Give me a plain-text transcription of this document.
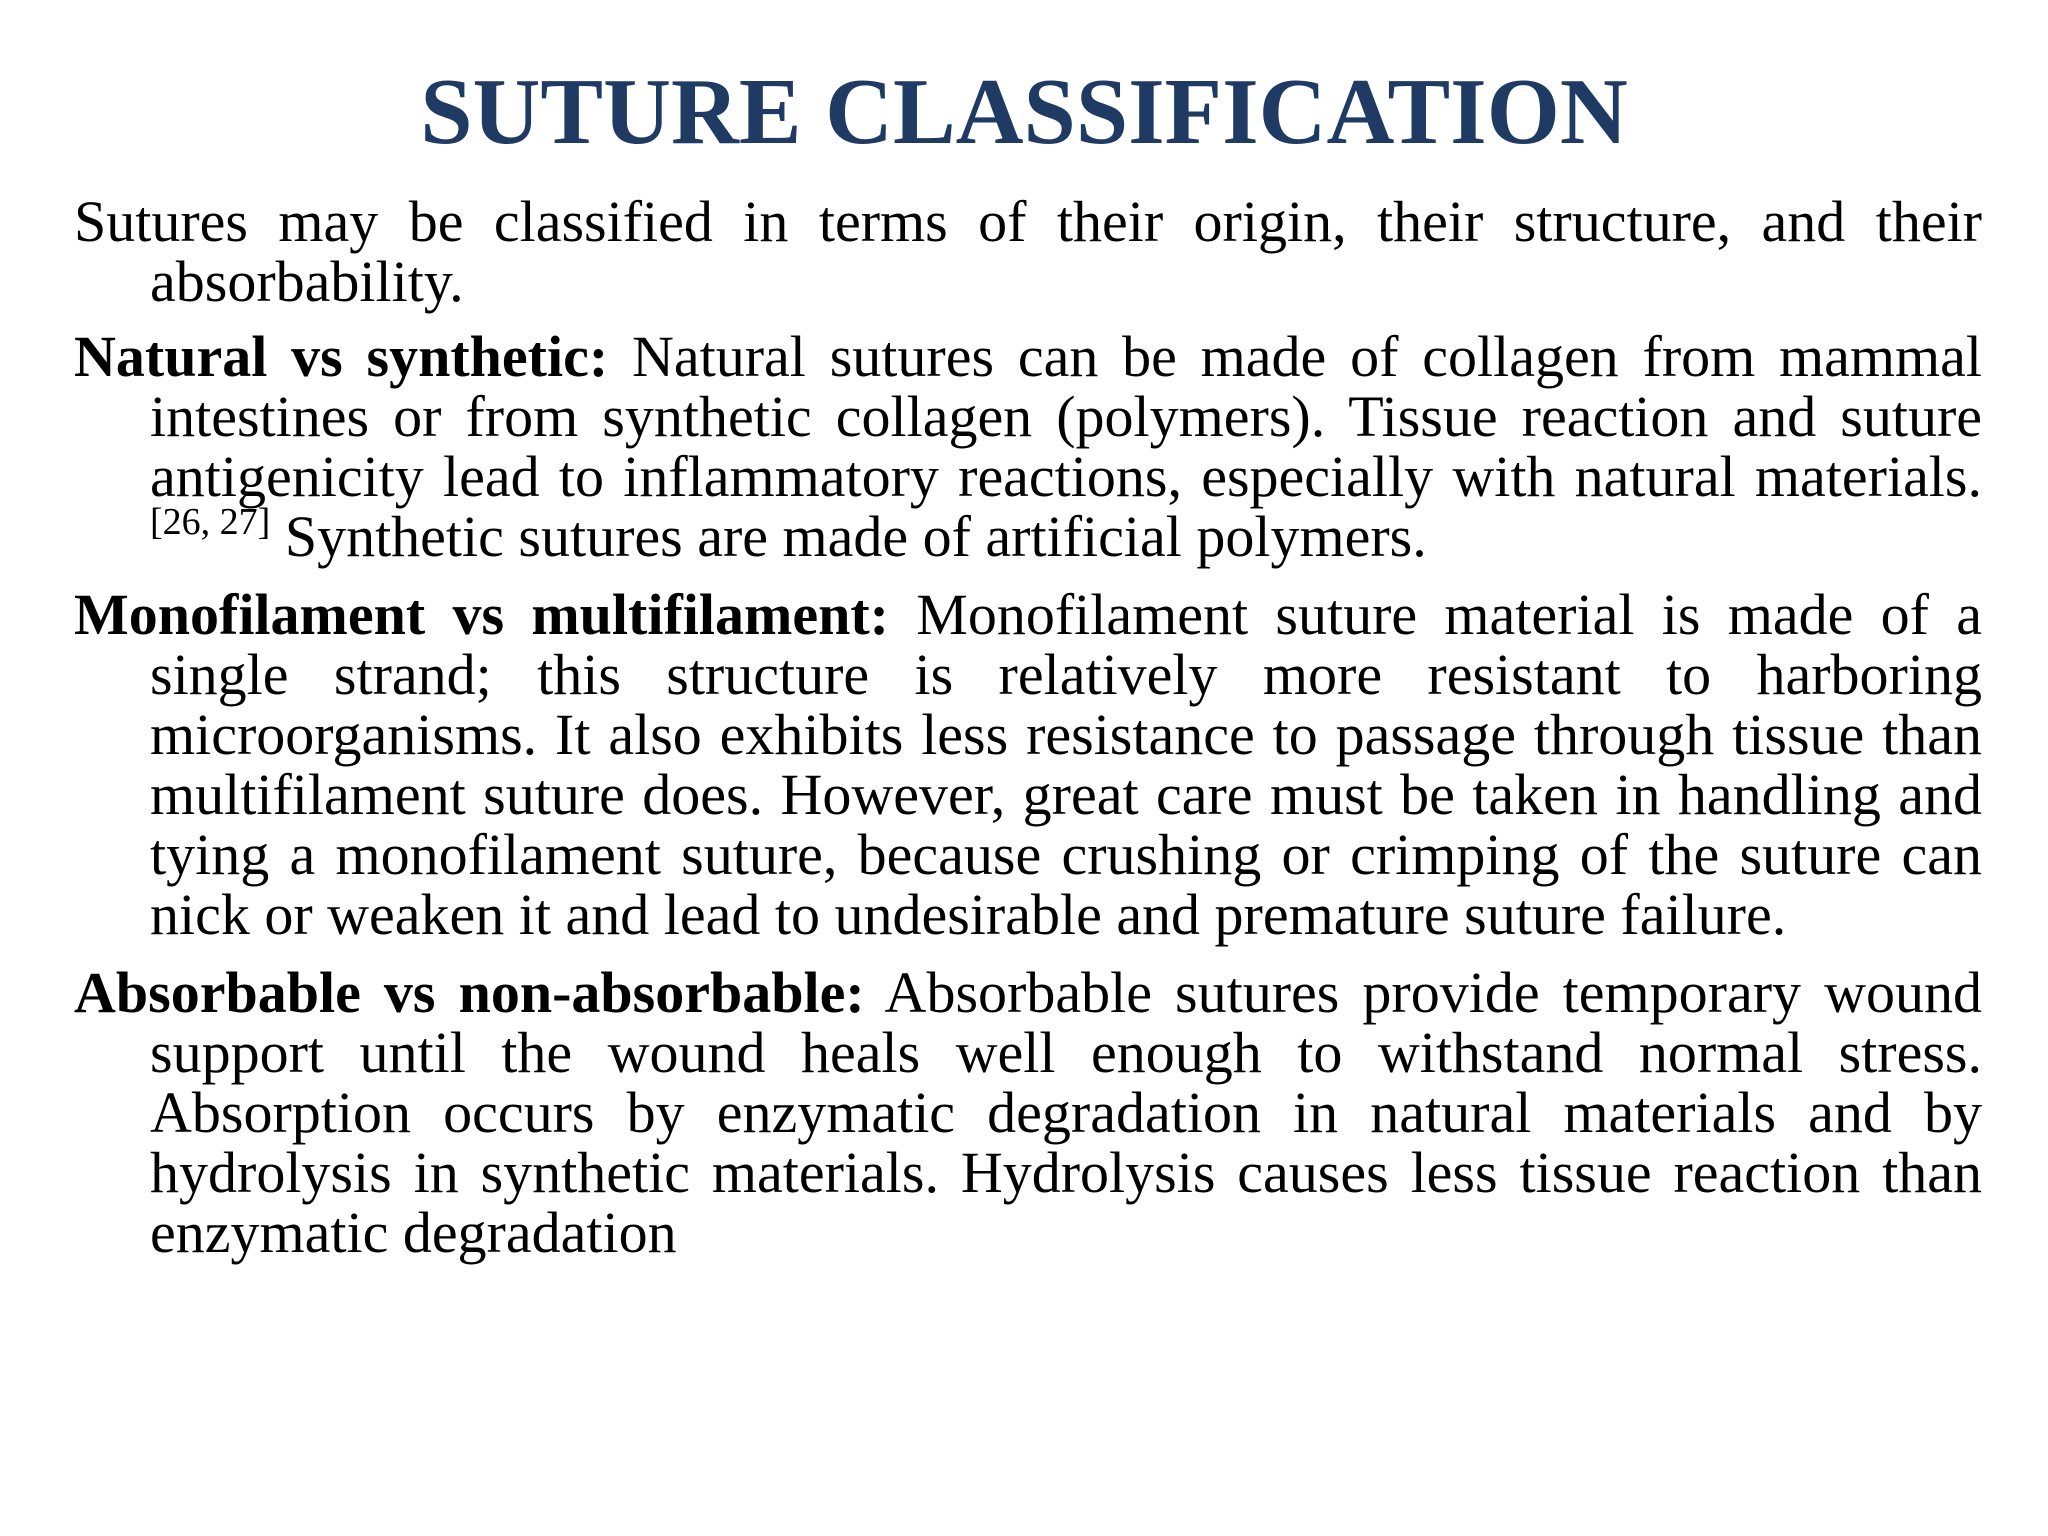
SUTURE CLASSIFICATION

Sutures may be classified in terms of their origin, their structure, and their absorbability.

Natural vs synthetic: Natural sutures can be made of collagen from mammal intestines or from synthetic collagen (polymers). Tissue reaction and suture antigenicity lead to inflammatory reactions, especially with natural materials. [26, 27] Synthetic sutures are made of artificial polymers.

Monofilament vs multifilament: Monofilament suture material is made of a single strand; this structure is relatively more resistant to harboring microorganisms. It also exhibits less resistance to passage through tissue than multifilament suture does. However, great care must be taken in handling and tying a monofilament suture, because crushing or crimping of the suture can nick or weaken it and lead to undesirable and premature suture failure.

Absorbable vs non-absorbable: Absorbable sutures provide temporary wound support until the wound heals well enough to withstand normal stress. Absorption occurs by enzymatic degradation in natural materials and by hydrolysis in synthetic materials. Hydrolysis causes less tissue reaction than enzymatic degradation
